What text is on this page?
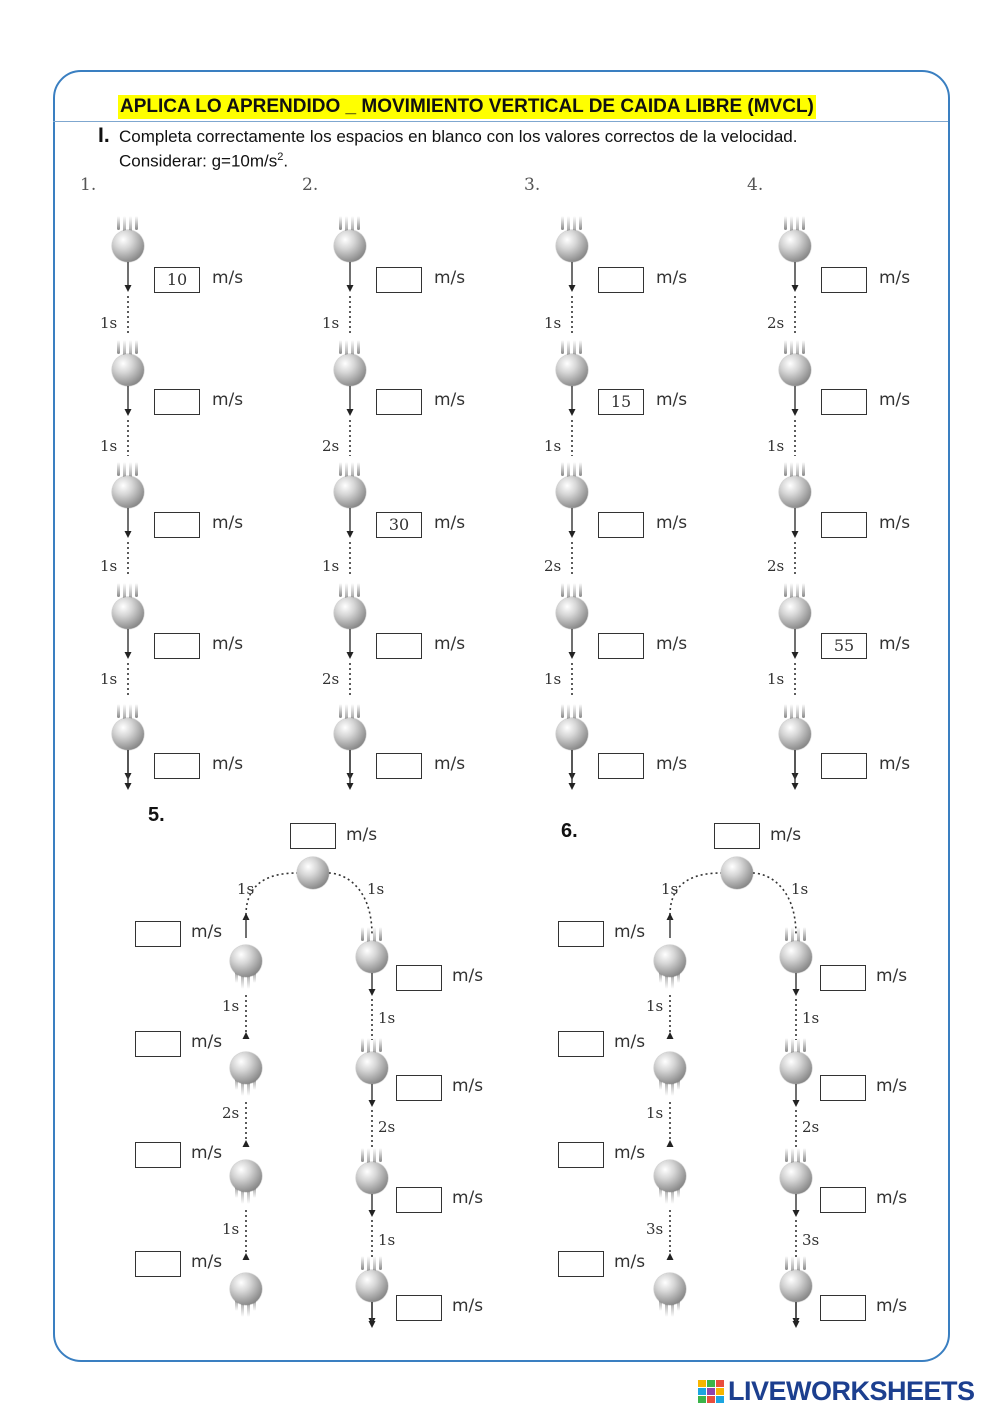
APLICA LO APRENDIDO _ MOVIMIENTO VERTICAL DE CAIDA LIBRE (MVCL)
I. Completa correctamente los espacios en blanco con los valores correctos de la velocidad.
Considerar: $g=10m/s^2$.
1.
10	m/s
m/s
m/s
m/s
m/s
1s
1s
1s
1s
2.
m/s
m/s
30	m/s
m/s
m/s
1s
2s
1s
2s
3.
m/s
15	m/s
m/s
m/s
m/s
1s
1s
2s
1s
4.
m/s
m/s
m/s
55	m/s
m/s
2s
1s
2s
1s
5.
m/s
1s	1s
m/s
m/s
m/s
m/s
1s
2s
1s
m/s
m/s
m/s
m/s
1s
2s
1s
6.	m/s
1s	1s
m/s
m/s
m/s
m/s
1s
1s
3s
m/s
m/s
m/s
m/s
1s
2s
3s
LIVEWORKSHEETS
